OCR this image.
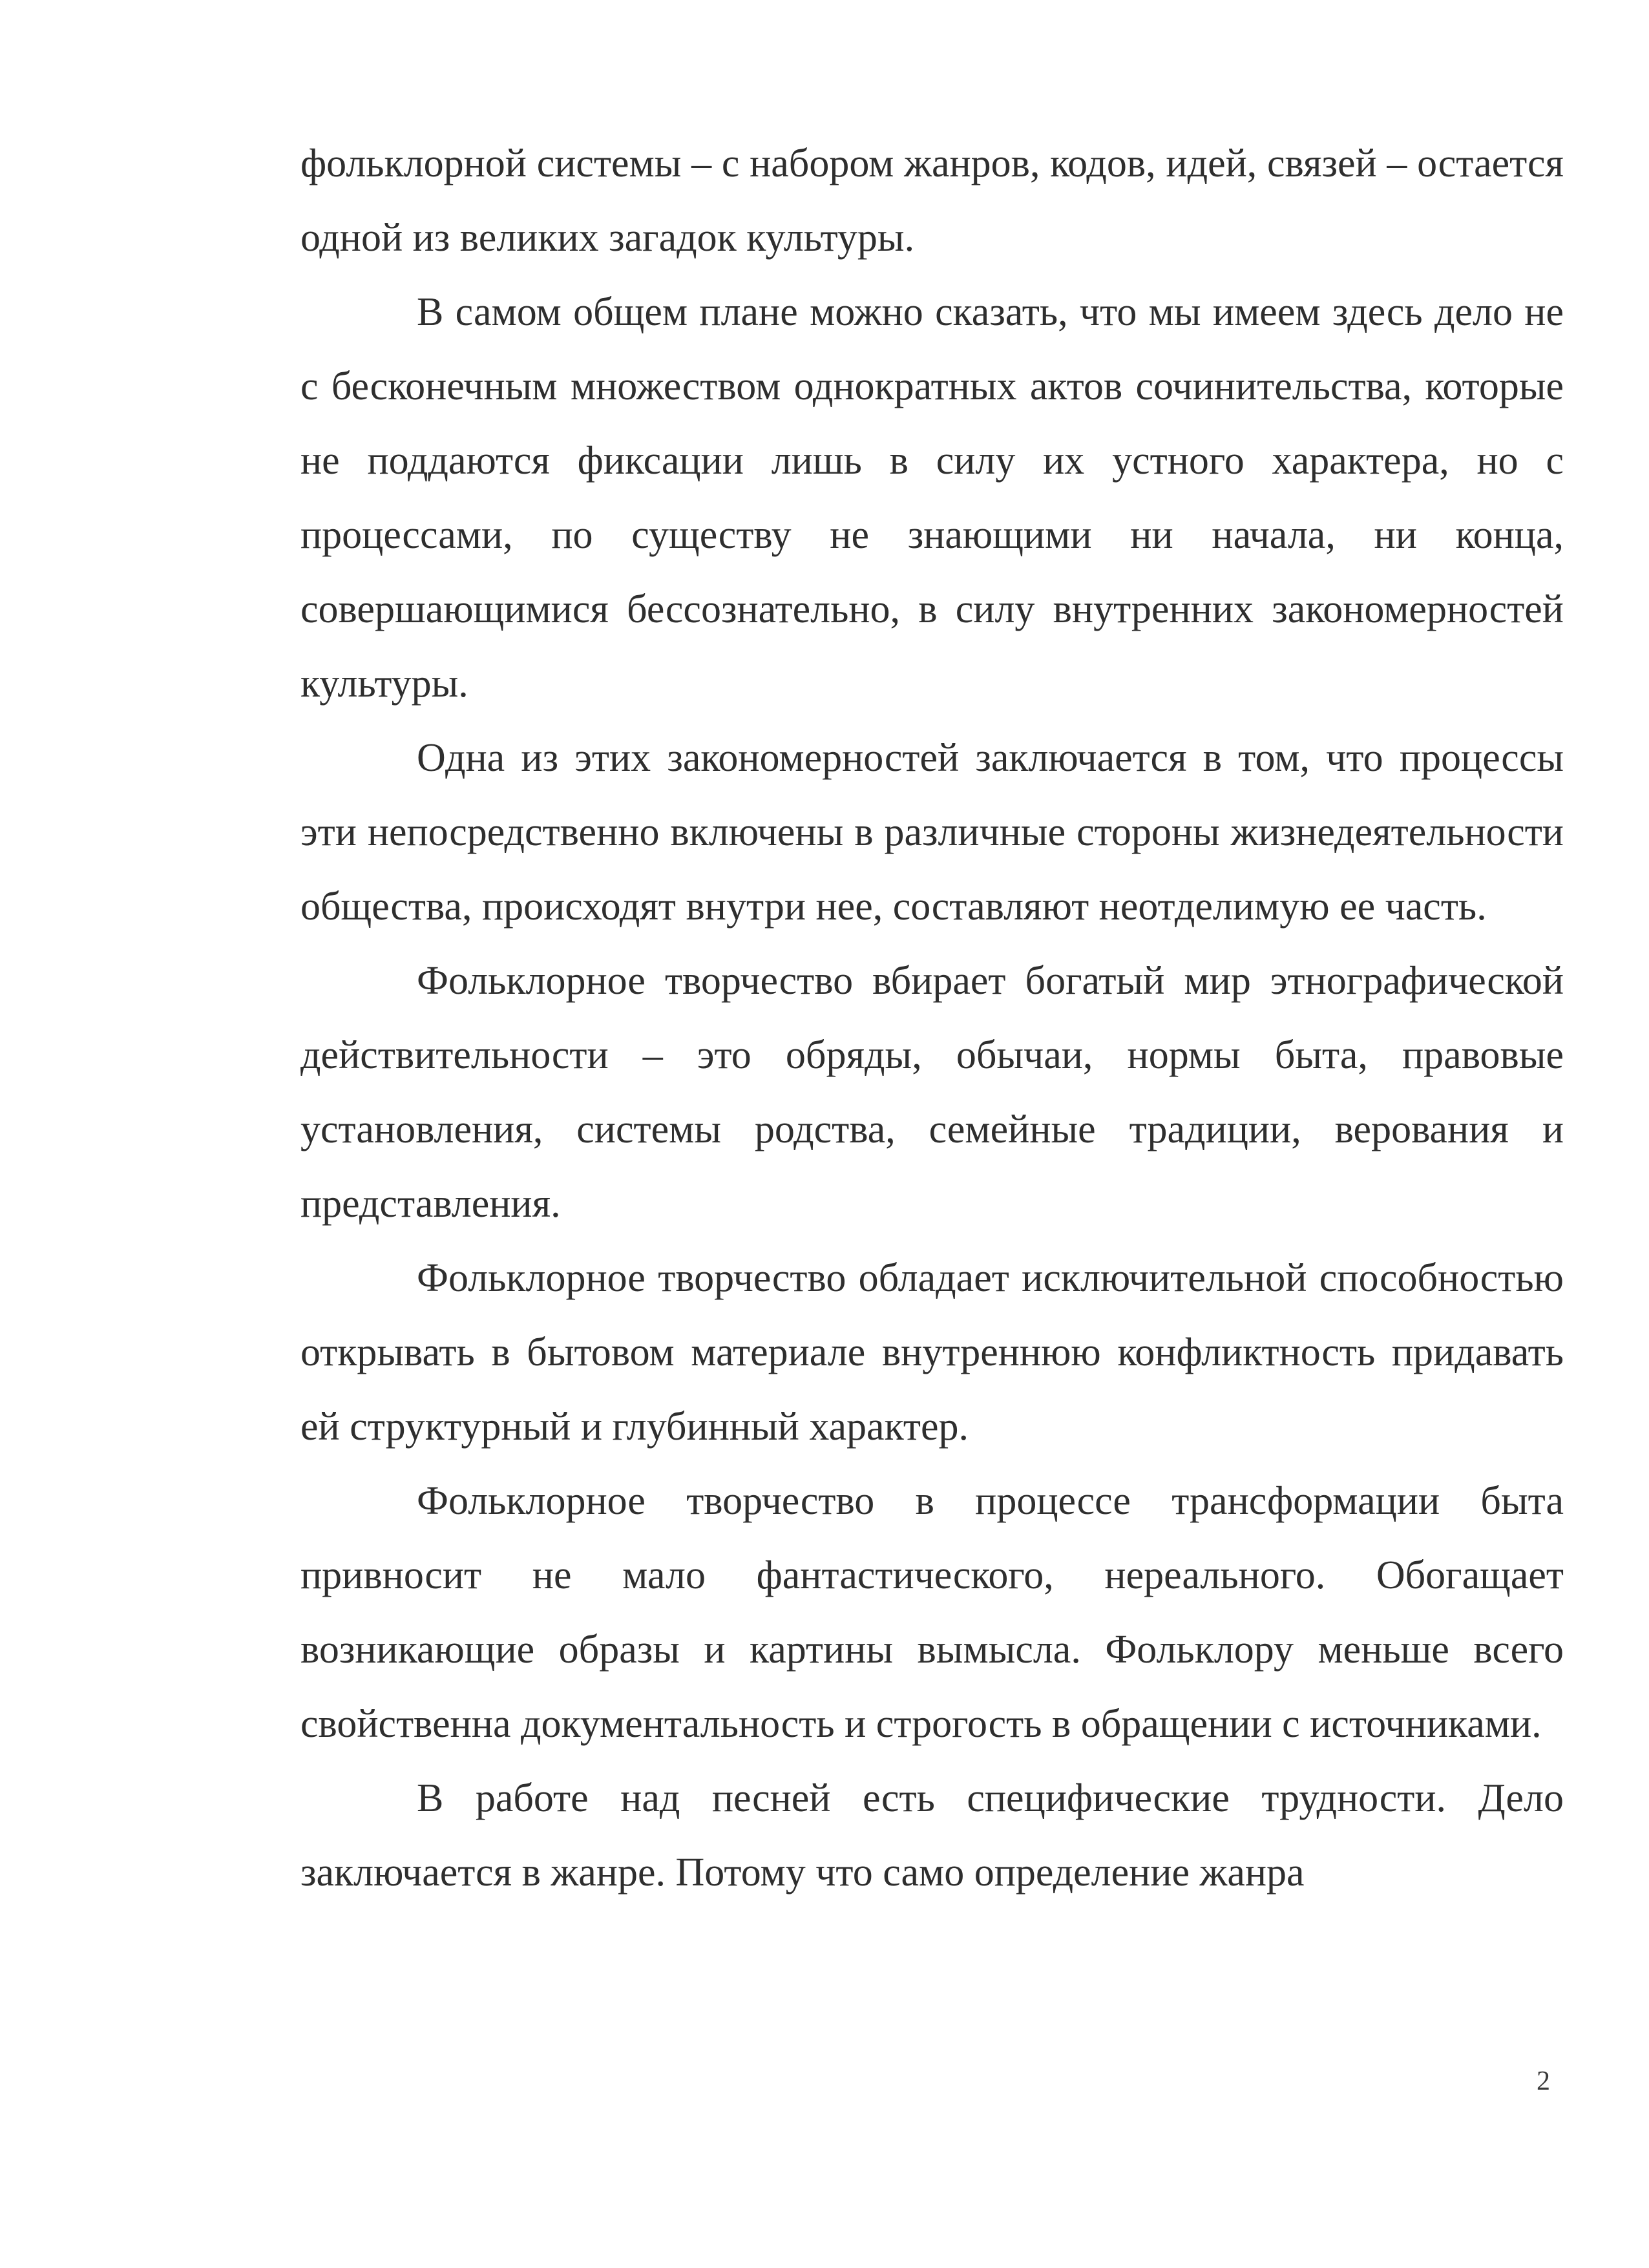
фольклорной системы – с набором жанров, кодов, идей, связей – остается одной из великих загадок культуры.

В самом общем плане можно сказать, что мы имеем здесь дело не с бесконечным множеством однократных актов сочинительства, которые не поддаются фиксации лишь в силу их устного характера, но с процессами, по существу не знающими ни начала, ни конца, совершающимися бессознательно, в силу внутренних закономерностей культуры.

Одна из этих закономерностей заключается в том, что процессы эти непосредственно включены в различные стороны жизнедеятельности общества, происходят внутри нее, составляют неотделимую ее часть.

Фольклорное творчество вбирает богатый мир этнографической действительности – это обряды, обычаи, нормы быта, правовые установления, системы родства, семейные традиции, верования и представления.

Фольклорное творчество обладает исключительной способностью открывать в бытовом материале внутреннюю конфликтность придавать ей структурный и глубинный характер.

Фольклорное творчество в процессе трансформации быта привносит не мало фантастического, нереального. Обогащает возникающие образы и картины вымысла. Фольклору меньше всего свойственна документальность и строгость в обращении с источниками.

В работе над песней есть специфические трудности. Дело заключается в жанре. Потому что само определение жанра

2
